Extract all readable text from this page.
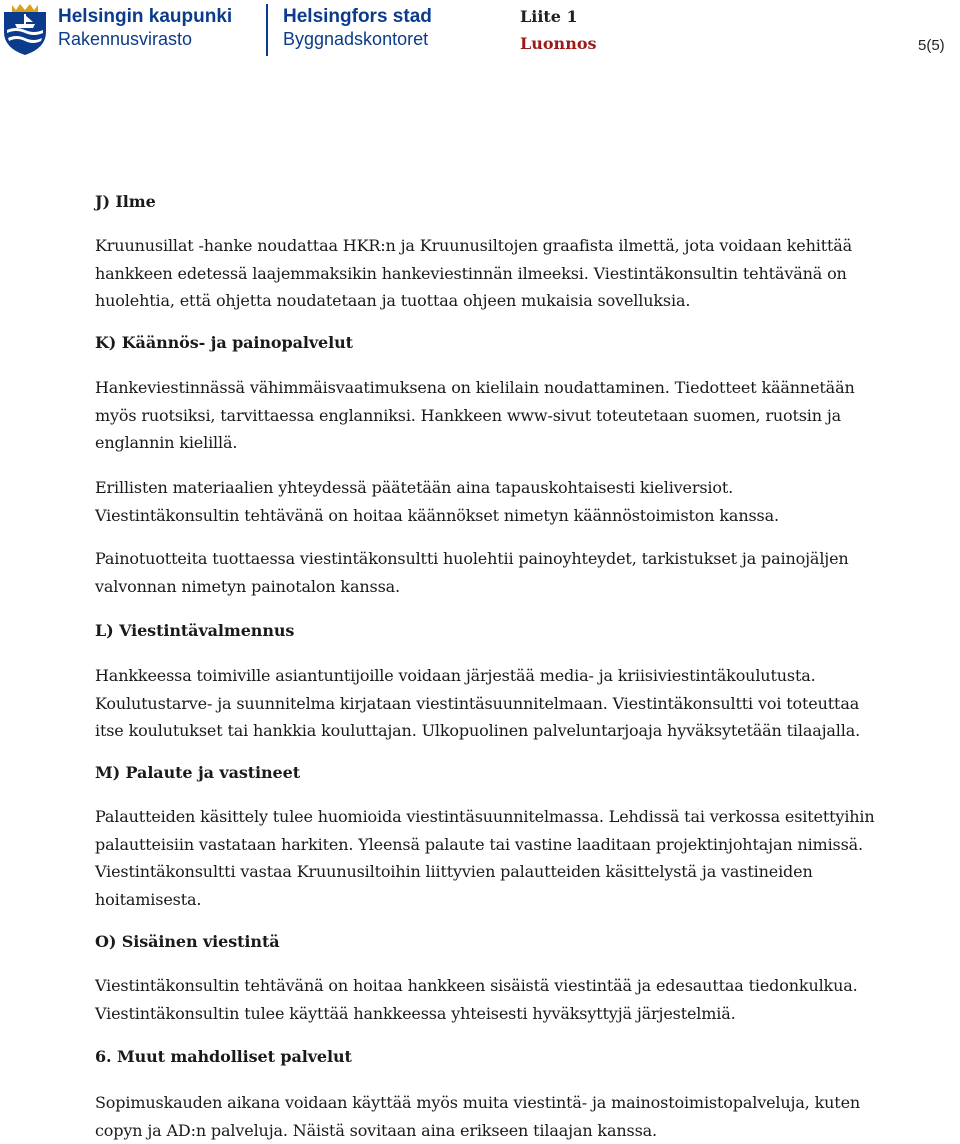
Helsingin kaupunki
Rakennusvirasto
Helsingfors stad
Byggnadskontoret
Liite 1
Luonnos	5(5)
J) Ilme
Kruunusillat -hanke noudattaa HKR:n ja Kruunusiltojen graafista ilmettä, jota voidaan kehittää
hankkeen edetessä laajemmaksikin hankeviestinnän ilmeeksi. Viestintäkonsultin tehtävänä on
huolehtia, että ohjetta noudatetaan ja tuottaa ohjeen mukaisia sovelluksia.
K) Käännös- ja painopalvelut
Hankeviestinnässä vähimmäisvaatimuksena on kielilain noudattaminen. Tiedotteet käännetään
myös ruotsiksi, tarvittaessa englanniksi. Hankkeen www-sivut toteutetaan suomen, ruotsin ja
englannin kielillä.
Erillisten materiaalien yhteydessä päätetään aina tapauskohtaisesti kieliversiot.
Viestintäkonsultin tehtävänä on hoitaa käännökset nimetyn käännöstoimiston kanssa.
Painotuotteita tuottaessa viestintäkonsultti huolehtii painoyhteydet, tarkistukset ja painojäljen
valvonnan nimetyn painotalon kanssa.
L) Viestintävalmennus
Hankkeessa toimiville asiantuntijoille voidaan järjestää media- ja kriisiviestintäkoulutusta.
Koulutustarve- ja suunnitelma kirjataan viestintäsuunnitelmaan. Viestintäkonsultti voi toteuttaa
itse koulutukset tai hankkia kouluttajan. Ulkopuolinen palveluntarjoaja hyväksytetään tilaajalla.
M) Palaute ja vastineet
Palautteiden käsittely tulee huomioida viestintäsuunnitelmassa. Lehdissä tai verkossa esitettyihin
palautteisiin vastataan harkiten. Yleensä palaute tai vastine laaditaan projektinjohtajan nimissä.
Viestintäkonsultti vastaa Kruunusiltoihin liittyvien palautteiden käsittelystä ja vastineiden
hoitamisesta.
O) Sisäinen viestintä
Viestintäkonsultin tehtävänä on hoitaa hankkeen sisäistä viestintää ja edesauttaa tiedonkulkua.
Viestintäkonsultin tulee käyttää hankkeessa yhteisesti hyväksyttyjä järjestelmiä.
6. Muut mahdolliset palvelut
Sopimuskauden aikana voidaan käyttää myös muita viestintä- ja mainostoimistopalveluja, kuten
copyn ja AD:n palveluja. Näistä sovitaan aina erikseen tilaajan kanssa.
